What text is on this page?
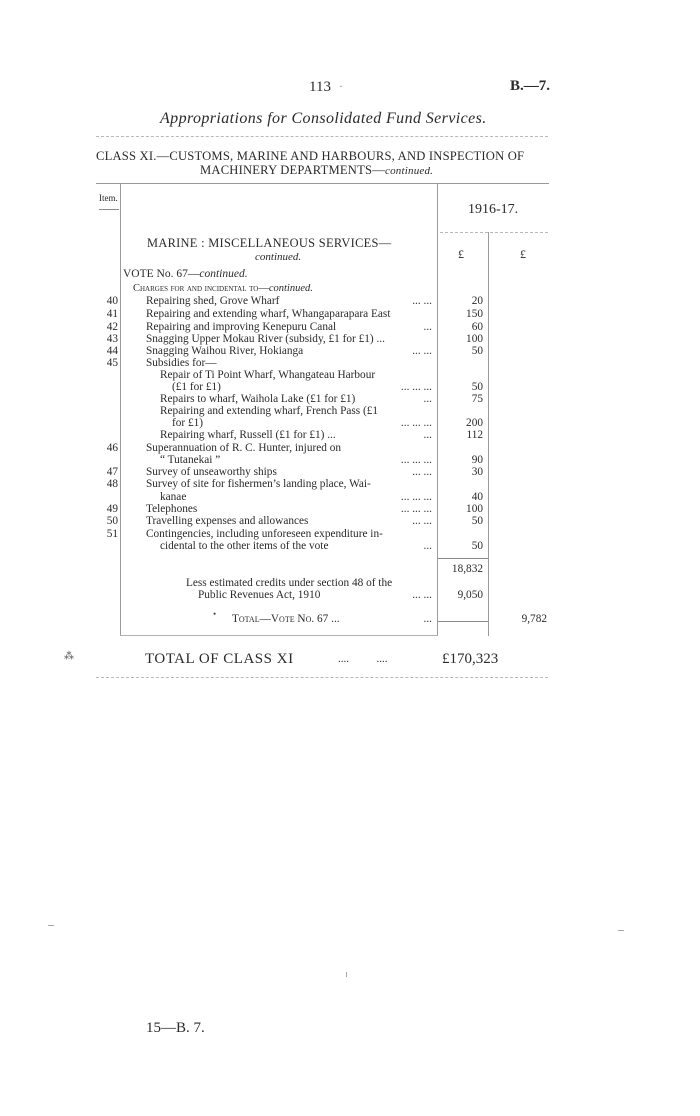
113 ·	B.—7.
Appropriations for Consolidated Fund Services.
CLASS XI.—CUSTOMS, MARINE AND HARBOURS, AND INSPECTION OF
MACHINERY DEPARTMENTS—continued.
Item.
1916-17.
MARINE : MISCELLANEOUS SERVICES—
continued.	£	£
VOTE No. 67—continued.
Charges for and incidental to—continued.
40 Repairing shed, Grove Wharf	... ...	20
41 Repairing and extending wharf, Whangaparapara East	150
42 Repairing and improving Kenepuru Canal	...	60
43 Snagging Upper Mokau River (subsidy, £1 for £1) ...	100
44 Snagging Waihou River, Hokianga	... ...	50
45 Subsidies for—
Repair of Ti Point Wharf, Whangateau Harbour
(£1 for £1)	... ... ...	50
Repairs to wharf, Waihola Lake (£1 for £1)	...	75
Repairing and extending wharf, French Pass (£1
for £1)	... ... ...	200
Repairing wharf, Russell (£1 for £1) ...	...	112
46 Superannuation of R. C. Hunter, injured on
“ Tutanekai ”	... ... ...	90
47 Survey of unseaworthy ships	... ...	30
48 Survey of site for fishermen’s landing place, Wai-
kanae	... ... ...	40
49 Telephones	... ... ...	100
50 Travelling expenses and allowances	... ...	50
51 Contingencies, including unforeseen expenditure in-
cidental to the other items of the vote	...	50
18,832
Less estimated credits under section 48 of the
Public Revenues Act, 1910	... ...	9,050
• Total—Vote No. 67 ...	...	9,782
⁂	TOTAL OF CLASS XI	....          ....	£170,323
15—B. 7.
